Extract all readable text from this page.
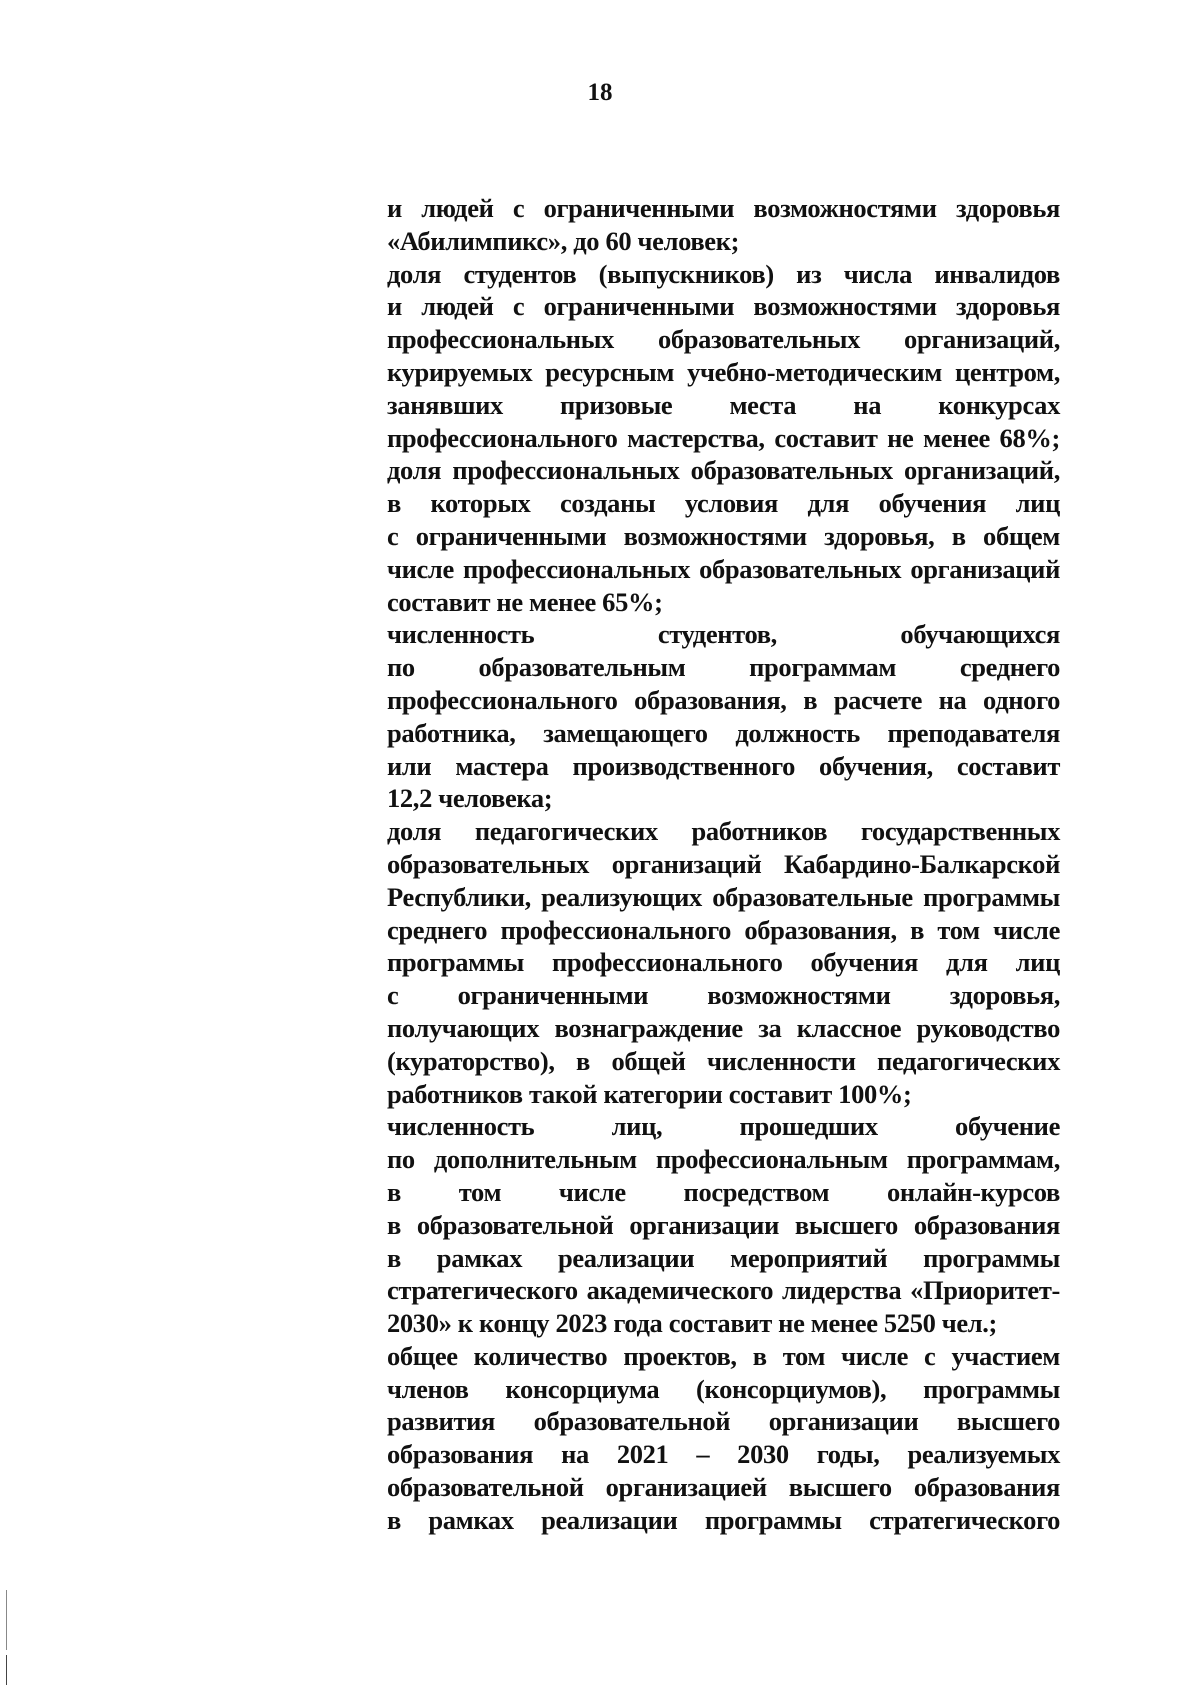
18
и людей с ограниченными возможностями здоровья
«Абилимпикс», до 60 человек;
доля студентов (выпускников) из числа инвалидов
и людей с ограниченными возможностями здоровья
профессиональных образовательных организаций,
курируемых ресурсным учебно-методическим центром,
занявших призовые места на конкурсах
профессионального мастерства, составит не менее 68%;
доля профессиональных образовательных организаций,
в которых созданы условия для обучения лиц
с ограниченными возможностями здоровья, в общем
числе профессиональных образовательных организаций
составит не менее 65%;
численность студентов, обучающихся
по образовательным программам среднего
профессионального образования, в расчете на одного
работника, замещающего должность преподавателя
или мастера производственного обучения, составит
12,2 человека;
доля педагогических работников государственных
образовательных организаций Кабардино-Балкарской
Республики, реализующих образовательные программы
среднего профессионального образования, в том числе
программы профессионального обучения для лиц
с ограниченными возможностями здоровья,
получающих вознаграждение за классное руководство
(кураторство), в общей численности педагогических
работников такой категории составит 100%;
численность лиц, прошедших обучение
по дополнительным профессиональным программам,
в том числе посредством онлайн-курсов
в образовательной организации высшего образования
в рамках реализации мероприятий программы
стратегического академического лидерства «Приоритет-
2030» к концу 2023 года составит не менее 5250 чел.;
общее количество проектов, в том числе с участием
членов консорциума (консорциумов), программы
развития образовательной организации высшего
образования на 2021 – 2030 годы, реализуемых
образовательной организацией высшего образования
в рамках реализации программы стратегического
